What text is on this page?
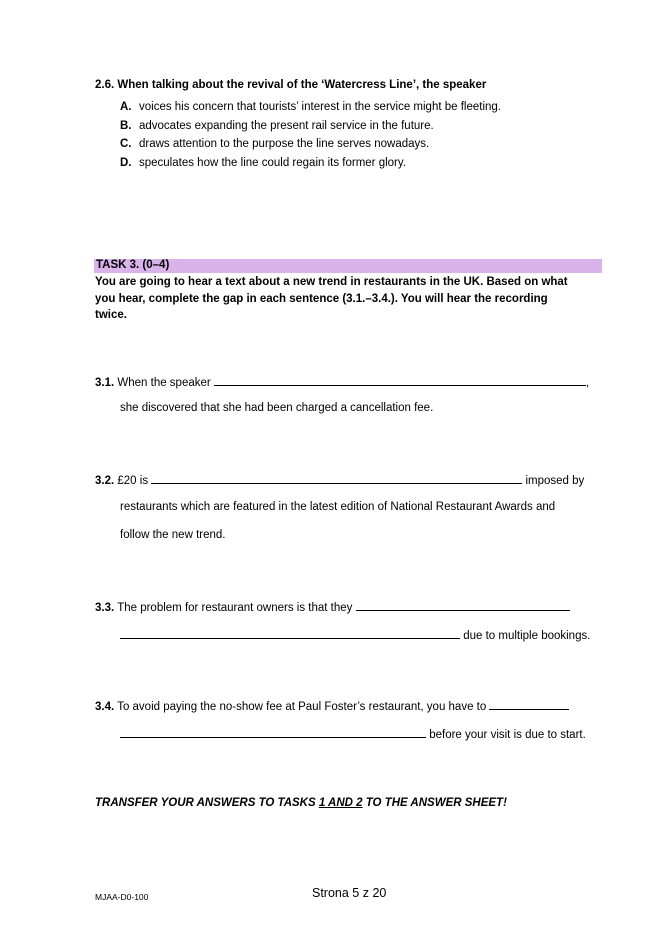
2.6. When talking about the revival of the ‘Watercress Line’, the speaker
A. voices his concern that tourists’ interest in the service might be fleeting.
B. advocates expanding the present rail service in the future.
C. draws attention to the purpose the line serves nowadays.
D. speculates how the line could regain its former glory.
TASK 3. (0–4)
You are going to hear a text about a new trend in restaurants in the UK. Based on what
you hear, complete the gap in each sentence (3.1.–3.4.). You will hear the recording
twice.
3.1. When the speaker	,
she discovered that she had been charged a cancellation fee.
3.2. £20 is	imposed by
restaurants which are featured in the latest edition of National Restaurant Awards and
follow the new trend.
3.3. The problem for restaurant owners is that they
due to multiple bookings.
3.4. To avoid paying the no-show fee at Paul Foster’s restaurant, you have to
before your visit is due to start.
TRANSFER YOUR ANSWERS TO TASKS 1 AND 2 TO THE ANSWER SHEET!
MJAA-D0-100	Strona 5 z 20
